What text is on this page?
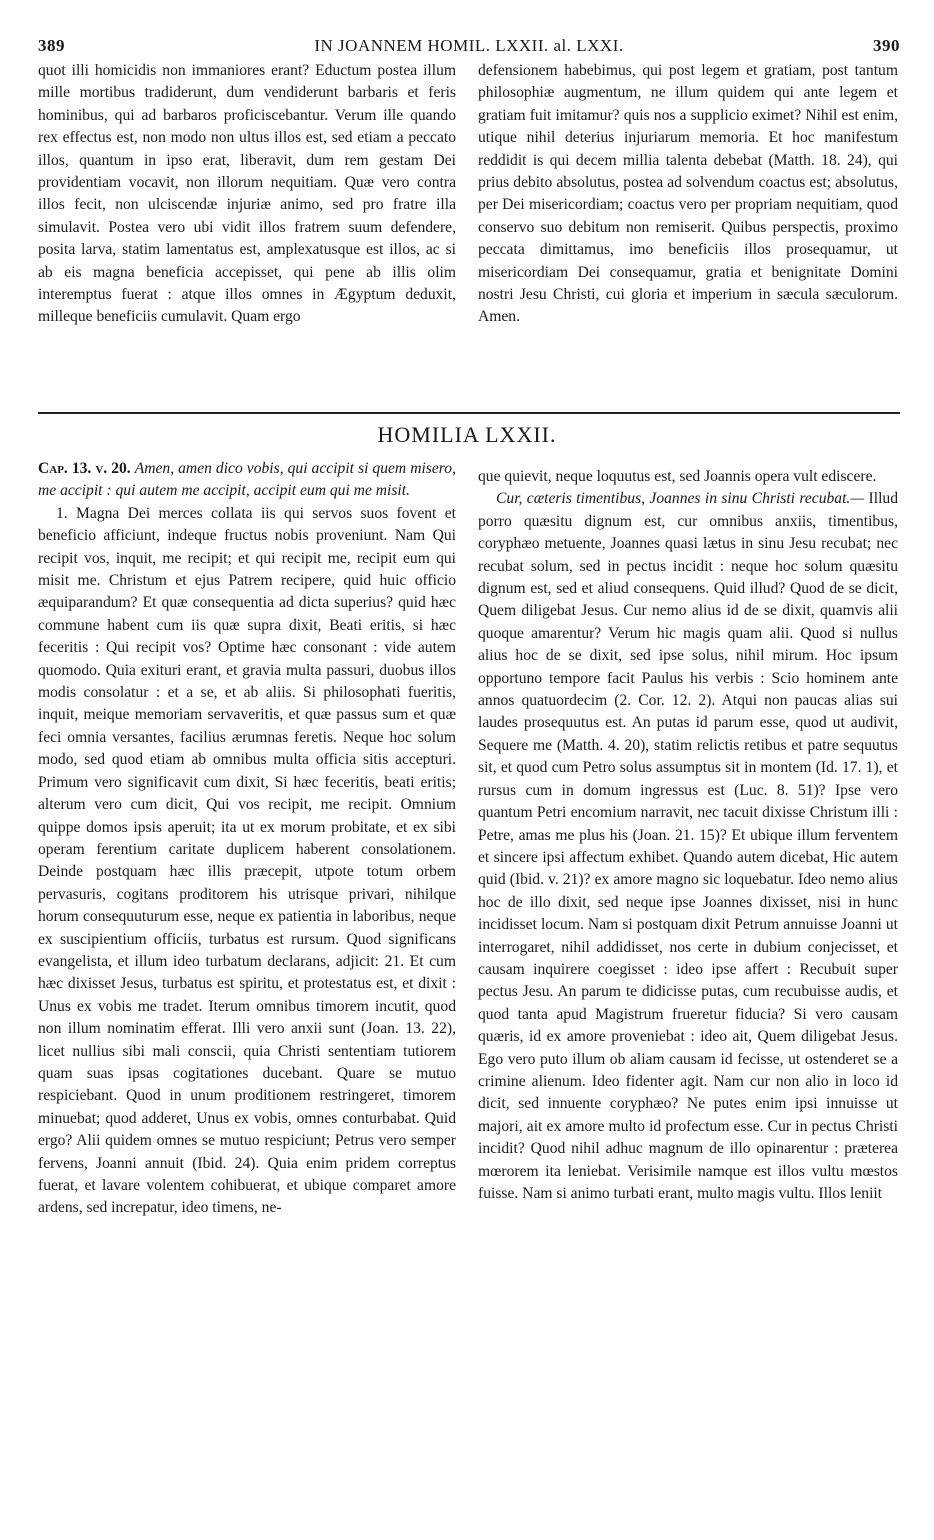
389	IN JOANNEM HOMIL. LXXII. al. LXXI.	390

quot illi homicidis non immaniores erant? Eductum postea illum mille mortibus tradiderunt, dum vendiderunt barbaris et feris hominibus, qui ad barbaros proficiscebantur. Verum ille quando rex effectus est, non modo non ultus illos est, sed etiam a peccato illos, quantum in ipso erat, liberavit, dum rem gestam Dei providentiam vocavit, non illorum nequitiam. Quæ vero contra illos fecit, non ulciscendæ injuriæ animo, sed pro fratre illa simulavit. Postea vero ubi vidit illos fratrem suum defendere, posita larva, statim lamentatus est, amplexatusque est illos, ac si ab eis magna beneficia accepisset, qui pene ab illis olim interemptus fuerat : atque illos omnes in Ægyptum deduxit, milleque beneficiis cumulavit. Quam ergo

defensionem habebimus, qui post legem et gratiam, post tantum philosophiæ augmentum, ne illum quidem qui ante legem et gratiam fuit imitamur? quis nos a supplicio eximet? Nihil est enim, utique nihil deterius injuriarum memoria. Et hoc manifestum reddidit is qui decem millia talenta debebat (Matth. 18. 24), qui prius debito absolutus, postea ad solvendum coactus est; absolutus, per Dei misericordiam; coactus vero per propriam nequitiam, quod conservo suo debitum non remiserit. Quibus perspectis, proximo peccata dimittamus, imo beneficiis illos prosequamur, ut misericordiam Dei consequamur, gratia et benignitate Domini nostri Jesu Christi, cui gloria et imperium in sæcula sæculorum. Amen.

HOMILIA LXXII.

Cap. 13. v. 20. Amen, amen dico vobis, qui accipit si quem misero, me accipit : qui autem me accipit, accipit eum qui me misit.

1. Magna Dei merces collata iis qui servos suos fovent et beneficio afficiunt, indeque fructus nobis proveniunt. Nam Qui recipit vos, inquit, me recipit; et qui recipit me, recipit eum qui misit me. Christum et ejus Patrem recipere, quid huic officio æquiparandum? Et quæ consequentia ad dicta superius? quid hæc commune habent cum iis quæ supra dixit, Beati eritis, si hæc feceritis : Qui recipit vos? Optime hæc consonant : vide autem quomodo. Quia exituri erant, et gravia multa passuri, duobus illos modis consolatur : et a se, et ab aliis. Si philosophati fueritis, inquit, meique memoriam servaveritis, et quæ passus sum et quæ feci omnia versantes, facilius ærumnas feretis. Neque hoc solum modo, sed quod etiam ab omnibus multa officia sitis accepturi. Primum vero significavit cum dixit, Si hæc feceritis, beati eritis; alterum vero cum dicit, Qui vos recipit, me recipit. Omnium quippe domos ipsis aperuit; ita ut ex morum probitate, et ex sibi operam ferentium caritate duplicem haberent consolationem. Deinde postquam hæc illis præcepit, utpote totum orbem pervasuris, cogitans proditorem his utrisque privari, nihilque horum consequuturum esse, neque ex patientia in laboribus, neque ex suscipientium officiis, turbatus est rursum. Quod significans evangelista, et illum ideo turbatum declarans, adjicit: 21. Et cum hæc dixisset Jesus, turbatus est spiritu, et protestatus est, et dixit : Unus ex vobis me tradet. Iterum omnibus timorem incutit, quod non illum nominatim efferat. Illi vero anxii sunt (Joan. 13. 22), licet nullius sibi mali conscii, quia Christi sententiam tutiorem quam suas ipsas cogitationes ducebant. Quare se mutuo respiciebant. Quod in unum proditionem restringeret, timorem minuebat; quod adderet, Unus ex vobis, omnes conturbabat. Quid ergo? Alii quidem omnes se mutuo respiciunt; Petrus vero semper fervens, Joanni annuit (Ibid. 24). Quia enim pridem correptus fuerat, et lavare volentem cohibuerat, et ubique comparet amore ardens, sed increpatur, ideo timens, ne-

que quievit, neque loquutus est, sed Joannis opera vult ediscere.

Cur, cæteris timentibus, Joannes in sinu Christi recubat.— Illud porro quæsitu dignum est, cur omnibus anxiis, timentibus, coryphæo metuente, Joannes quasi lætus in sinu Jesu recubat; nec recubat solum, sed in pectus incidit : neque hoc solum quæsitu dignum est, sed et aliud consequens. Quid illud? Quod de se dicit, Quem diligebat Jesus. Cur nemo alius id de se dixit, quamvis alii quoque amarentur? Verum hic magis quam alii. Quod si nullus alius hoc de se dixit, sed ipse solus, nihil mirum. Hoc ipsum opportuno tempore facit Paulus his verbis : Scio hominem ante annos quatuordecim (2. Cor. 12. 2). Atqui non paucas alias sui laudes prosequutus est. An putas id parum esse, quod ut audivit, Sequere me (Matth. 4. 20), statim relictis retibus et patre sequutus sit, et quod cum Petro solus assumptus sit in montem (Id. 17. 1), et rursus cum in domum ingressus est (Luc. 8. 51)? Ipse vero quantum Petri encomium narravit, nec tacuit dixisse Christum illi : Petre, amas me plus his (Joan. 21. 15)? Et ubique illum ferventem et sincere ipsi affectum exhibet. Quando autem dicebat, Hic autem quid (Ibid. v. 21)? ex amore magno sic loquebatur. Ideo nemo alius hoc de illo dixit, sed neque ipse Joannes dixisset, nisi in hunc incidisset locum. Nam si postquam dixit Petrum annuisse Joanni ut interrogaret, nihil addidisset, nos certe in dubium conjecisset, et causam inquirere coegisset : ideo ipse affert : Recubuit super pectus Jesu. An parum te didicisse putas, cum recubuisse audis, et quod tanta apud Magistrum frueretur fiducia? Si vero causam quæris, id ex amore proveniebat : ideo ait, Quem diligebat Jesus. Ego vero puto illum ob aliam causam id fecisse, ut ostenderet se a crimine alienum. Ideo fidenter agit. Nam cur non alio in loco id dicit, sed innuente coryphæo? Ne putes enim ipsi innuisse ut majori, ait ex amore multo id profectum esse. Cur in pectus Christi incidit? Quod nihil adhuc magnum de illo opinarentur : præterea mœrorem ita leniebat. Verisimile namque est illos vultu mœstos fuisse. Nam si animo turbati erant, multo magis vultu. Illos leniit
